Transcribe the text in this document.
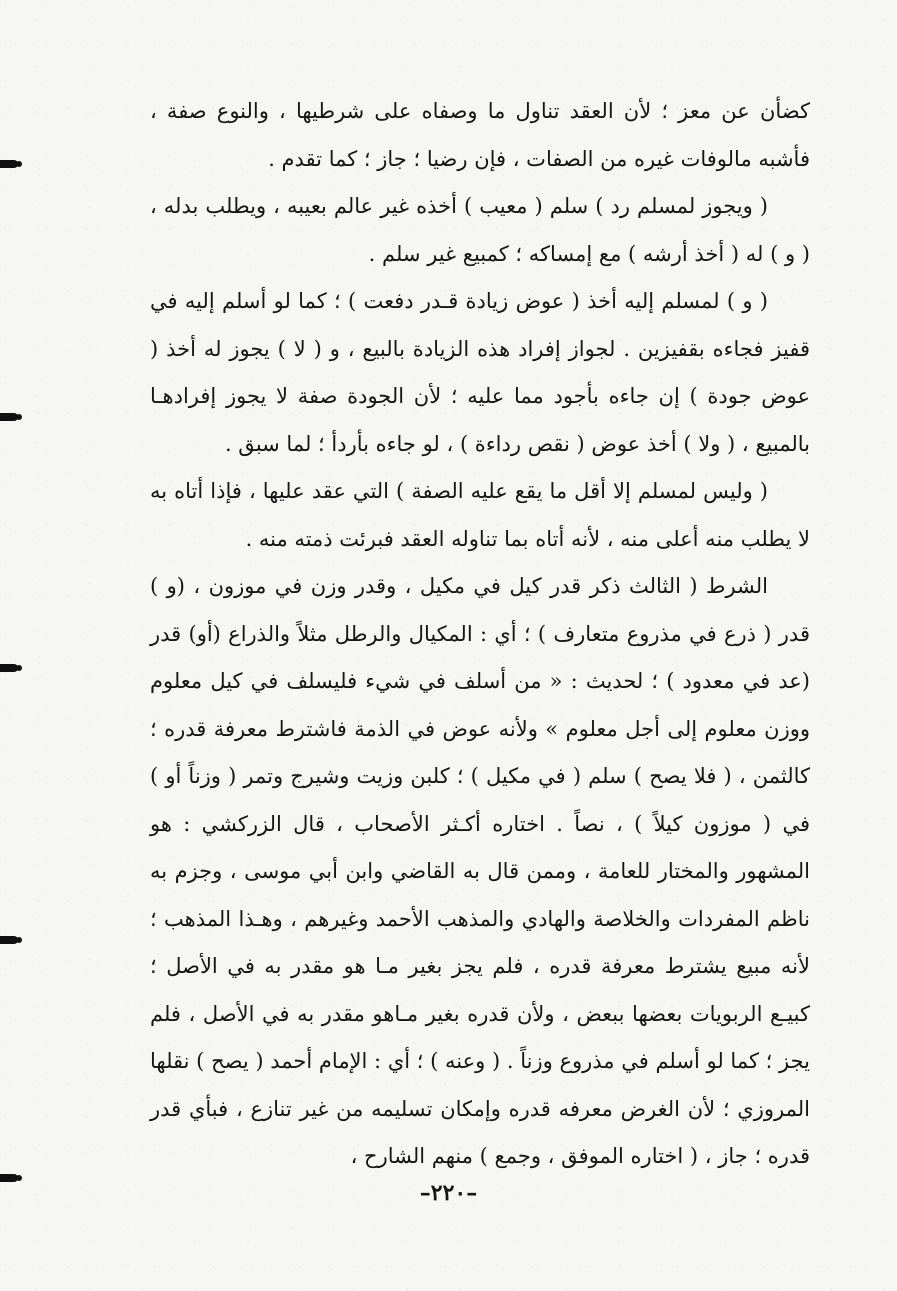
كضأن عن معز ؛ لأن العقد تناول ما وصفاه على شرطيها ، والنوع صفة ، فأشبه مالوفات غيره من الصفات ، فإن رضيا ؛ جاز ؛ كما تقدم .

( ويجوز لمسلم رد ) سلم ( معيب ) أخذه غير عالم بعيبه ، ويطلب بدله ، ( و ) له ( أخذ أرشه ) مع إمساكه ؛ كمبيع غير سلم .

( و ) لمسلم إليه أخذ ( عوض زيادة قـدر دفعت ) ؛ كما لو أسلم إليه في قفيز فجاءه بقفيزين . لجواز إفراد هذه الزيادة بالبيع ، و ( لا ) يجوز له أخذ ( عوض جودة ) إن جاءه بأجود مما عليه ؛ لأن الجودة صفة لا يجوز إفرادهـا بالمبيع ، ( ولا ) أخذ عوض ( نقص رداءة ) ، لو جاءه بأردأ ؛ لما سبق .

( وليس لمسلم إلا أقل ما يقع عليه الصفة ) التي عقد عليها ، فإذا أتاه به لا يطلب منه أعلى منه ، لأنه أتاه بما تناوله العقد فبرئت ذمته منه .

الشرط ( الثالث ذكر قدر كيل في مكيل ، وقدر وزن في موزون ، (و ) قدر ( ذرع في مذروع متعارف ) ؛ أي : المكيال والرطل مثلاً والذراع (أو) قدر (عد في معدود ) ؛ لحديث : « من أسلف في شيء فليسلف في كيل معلوم ووزن معلوم إلى أجل معلوم » ولأنه عوض في الذمة فاشترط معرفة قدره ؛ كالثمن ، ( فلا يصح ) سلم ( في مكيل ) ؛ كلبن وزيت وشيرج وتمر ( وزناً أو ) في ( موزون كيلاً ) ، نصاً . اختاره أكـثر الأصحاب ، قال الزركشي : هو المشهور والمختار للعامة ، وممن قال به القاضي وابن أبي موسى ، وجزم به ناظم المفردات والخلاصة والهادي والمذهب الأحمد وغيرهم ، وهـذا المذهب ؛ لأنه مبيع يشترط معرفة قدره ، فلم يجز بغير مـا هو مقدر به في الأصل ؛ كبيـع الربويات بعضها ببعض ، ولأن قدره بغير مـاهو مقدر به في الأصل ، فلم يجز ؛ كما لو أسلم في مذروع وزناً . ( وعنه ) ؛ أي : الإمام أحمد ( يصح ) نقلها المروزي ؛ لأن الغرض معرفه قدره وإمكان تسليمه من غير تنازع ، فبأي قدر قدره ؛ جاز ، ( اختاره الموفق ، وجمع ) منهم الشارح ،

–٢٢٠–
